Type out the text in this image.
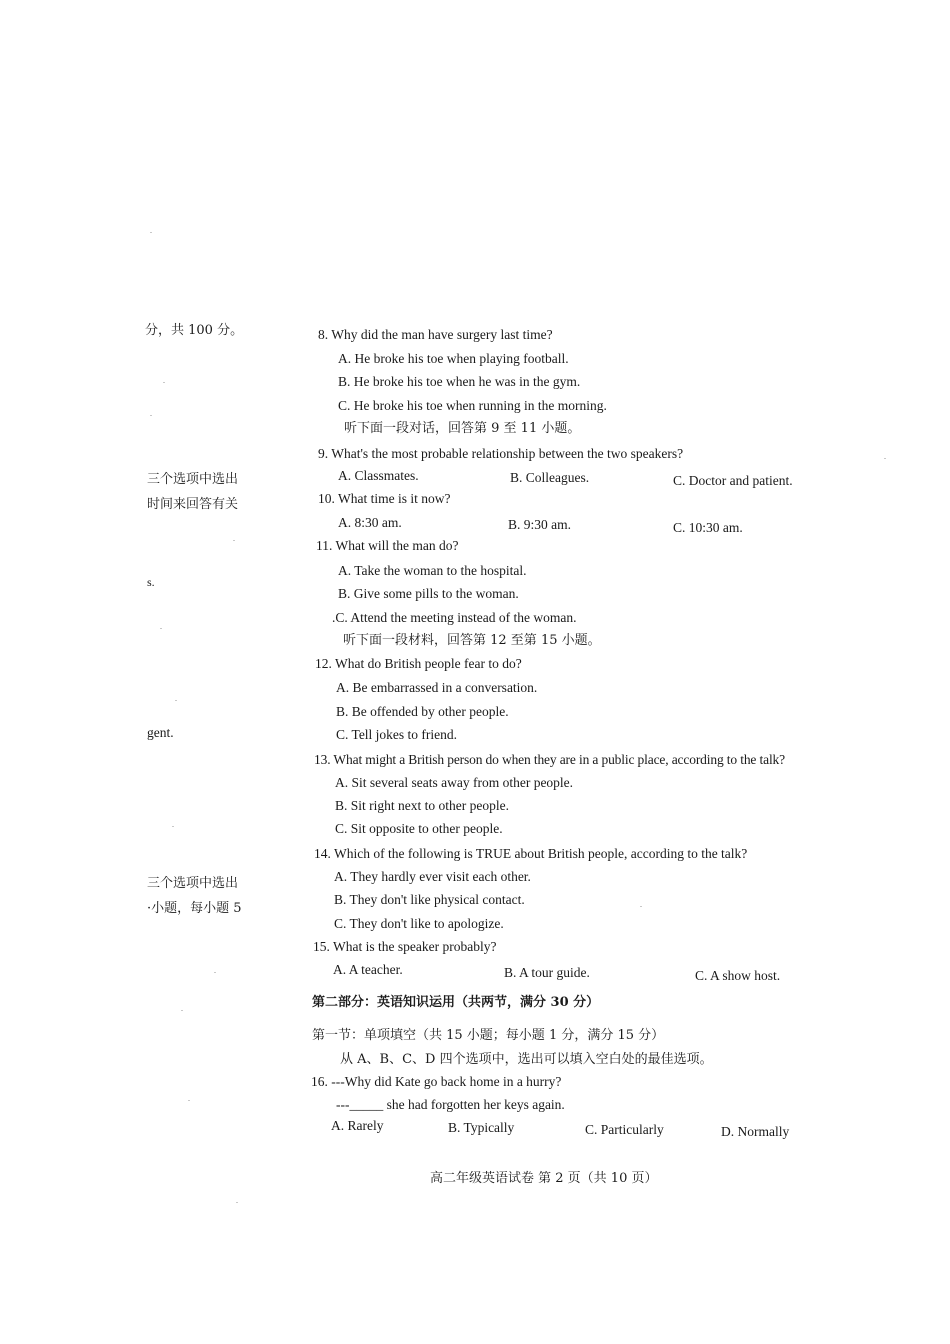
分，共 100 分。
三个选项中选出
时间来回答有关
s.
gent.
三个选项中选出
·小题，每小题 5
8. Why did the man have surgery last time?
A. He broke his toe when playing football.
B. He broke his toe when he was in the gym.
C. He broke his toe when running in the morning.
听下面一段对话，回答第 9 至 11 小题。
9. What's the most probable relationship between the two speakers?
A. Classmates.	B. Colleagues.	C. Doctor and patient.
10. What time is it now?
A. 8:30 am.	B. 9:30 am.	C. 10:30 am.
11. What will the man do?
A. Take the woman to the hospital.
B. Give some pills to the woman.
.C. Attend the meeting instead of the woman.
听下面一段材料，回答第 12 至第 15 小题。
12. What do British people fear to do?
A. Be embarrassed in a conversation.
B. Be offended by other people.
C. Tell jokes to friend.
13. What might a British person do when they are in a public place, according to the talk?
A. Sit several seats away from other people.
B. Sit right next to other people.
C. Sit opposite to other people.
14. Which of the following is TRUE about British people, according to the talk?
A. They hardly ever visit each other.
B. They don't like physical contact.
C. They don't like to apologize.
15. What is the speaker probably?
A. A teacher.	B. A tour guide.	C. A show host.
第二部分：英语知识运用（共两节，满分 30 分）
第一节：单项填空（共 15 小题；每小题 1 分，满分 15 分）
从 A、B、C、D 四个选项中，选出可以填入空白处的最佳选项。
16. ---Why did Kate go back home in a hurry?
---_____ she had forgotten her keys again.
A. Rarely	B. Typically	C. Particularly	D. Normally
高二年级英语试卷 第 2 页（共 10 页）
